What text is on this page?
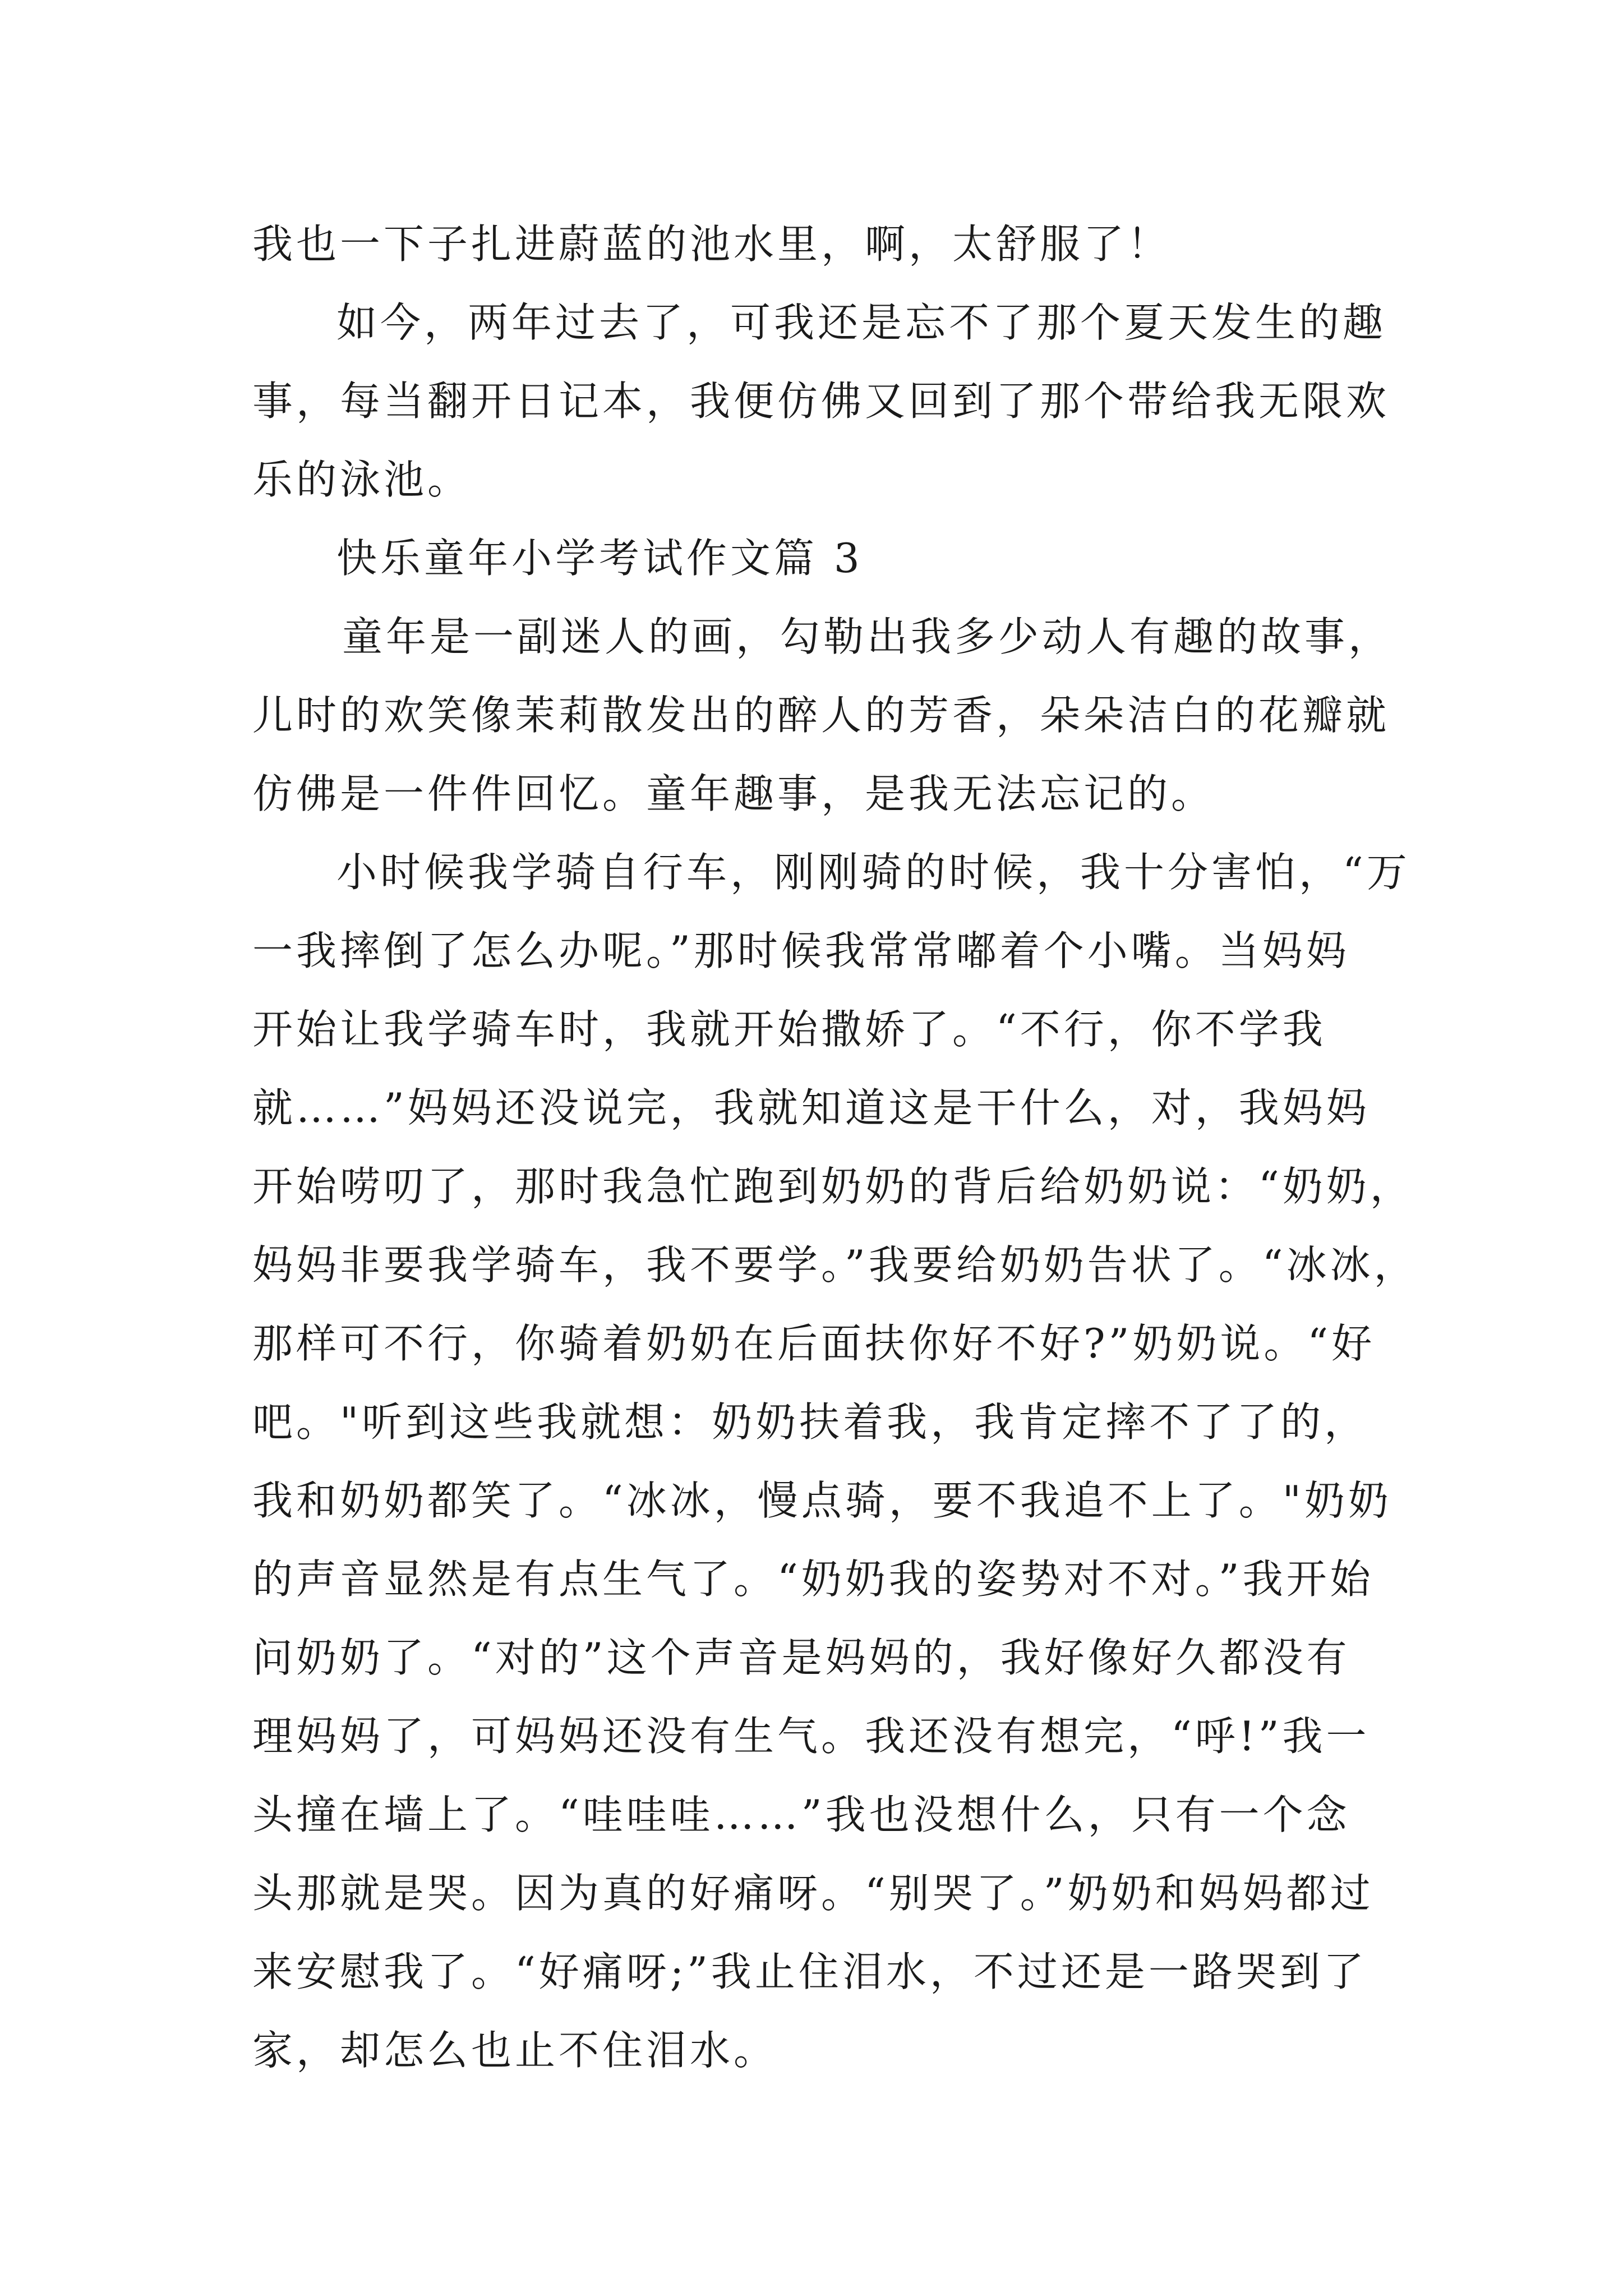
我也一下子扎进蔚蓝的池水里，啊，太舒服了！
如今，两年过去了，可我还是忘不了那个夏天发生的趣
事，每当翻开日记本，我便仿佛又回到了那个带给我无限欢
乐的泳池。
快乐童年小学考试作文篇 3
童年是一副迷人的画，勾勒出我多少动人有趣的故事，
儿时的欢笑像茉莉散发出的醉人的芳香，朵朵洁白的花瓣就
仿佛是一件件回忆。童年趣事，是我无法忘记的。
小时候我学骑自行车，刚刚骑的时候，我十分害怕，“万
一我摔倒了怎么办呢。”那时候我常常嘟着个小嘴。当妈妈
开始让我学骑车时，我就开始撒娇了。“不行，你不学我
就……”妈妈还没说完，我就知道这是干什么，对，我妈妈
开始唠叨了，那时我急忙跑到奶奶的背后给奶奶说：“奶奶，
妈妈非要我学骑车，我不要学。”我要给奶奶告状了。“冰冰，
那样可不行，你骑着奶奶在后面扶你好不好?”奶奶说。“好
吧。"听到这些我就想：奶奶扶着我，我肯定摔不了了的，
我和奶奶都笑了。“冰冰，慢点骑，要不我追不上了。"奶奶
的声音显然是有点生气了。“奶奶我的姿势对不对。”我开始
问奶奶了。“对的”这个声音是妈妈的，我好像好久都没有
理妈妈了，可妈妈还没有生气。我还没有想完，“呼!”我一
头撞在墙上了。“哇哇哇……”我也没想什么，只有一个念
头那就是哭。因为真的好痛呀。“别哭了。”奶奶和妈妈都过
来安慰我了。“好痛呀;”我止住泪水，不过还是一路哭到了
家，却怎么也止不住泪水。
